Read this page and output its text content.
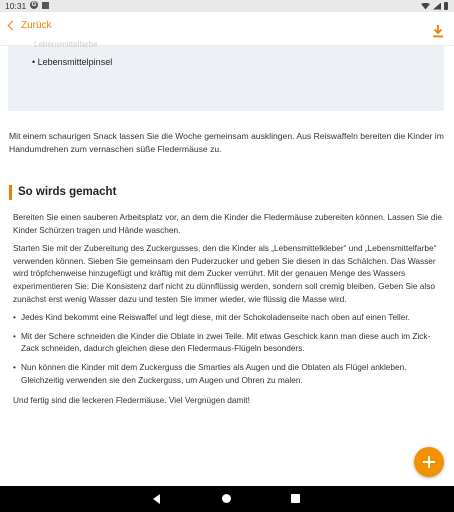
10:31 G
Zurück
Lebensmittelfarbe
• Lebensmittelpinsel

Mit einem schaurigen Snack lassen Sie die Woche gemeinsam ausklingen. Aus Reiswaffeln bereiten die Kinder im Handumdrehen zum vernaschen süße Fledermäuse zu.

So wirds gemacht

Bereiten Sie einen sauberen Arbeitsplatz vor, an dem die Kinder die Fledermäuse zubereiten können. Lassen Sie die Kinder Schürzen tragen und Hände waschen.

Starten Sie mit der Zubereitung des Zuckergusses, den die Kinder als „Lebensmittelkleber“ und „Lebensmittelfarbe“ verwenden können. Sieben Sie gemeinsam den Puderzucker und geben Sie diesen in das Schälchen. Das Wasser wird tröpfchenweise hinzugefügt und kräftig mit dem Zucker verrührt. Mit der genauen Menge des Wassers experimentieren Sie: Die Konsistenz darf nicht zu dünnflüssig werden, sondern soll cremig bleiben. Geben Sie also zunächst erst wenig Wasser dazu und testen Sie immer wieder, wie flüssig die Masse wird.

• Jedes Kind bekommt eine Reiswaffel und legt diese, mit der Schokoladenseite nach oben auf einen Teller.
• Mit der Schere schneiden die Kinder die Oblate in zwei Teile. Mit etwas Geschick kann man diese auch im Zick-Zack schneiden, dadurch gleichen diese den Fledermaus-Flügeln besonders.
• Nun können die Kinder mit dem Zuckerguss die Smarties als Augen und die Oblaten als Flügel ankleben. Gleichzeitig verwenden sie den Zuckerguss, um Augen und Ohren zu malen.

Und fertig sind die leckeren Fledermäuse. Viel Vergnügen damit!
